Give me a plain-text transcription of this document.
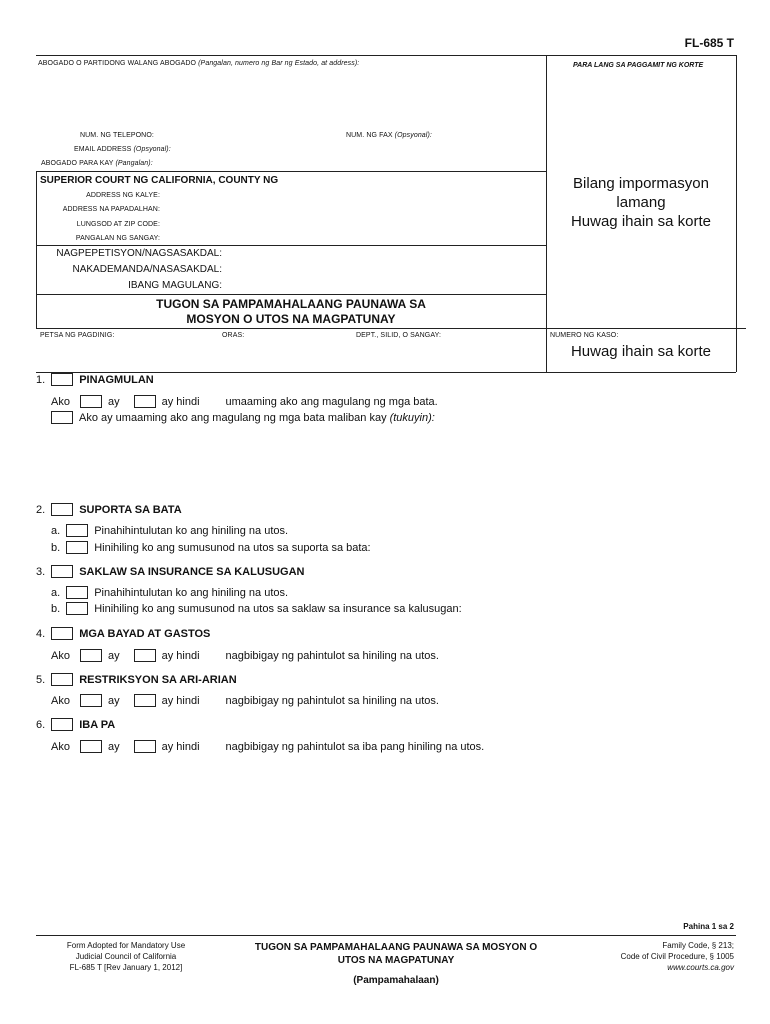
FL-685 T
ABOGADO O PARTIDONG WALANG ABOGADO (Pangalan, numero ng Bar ng Estado, at address):	PARA LANG SA PAGGAMIT NG KORTE
NUM. NG TELEPONO:	NUM. NG FAX (Opsyonal):
EMAIL ADDRESS (Opsyonal):
ABOGADO PARA KAY (Pangalan):
SUPERIOR COURT NG CALIFORNIA, COUNTY NG
ADDRESS NG KALYE:
ADDRESS NA PAPADALHAN:
LUNGSOD AT ZIP CODE:
PANGALAN NG SANGAY:
NAGPEPETISYON/NAGSASAKDAL:
NAKADEMANDA/NASASAKDAL:
IBANG MAGULANG:
TUGON SA PAMPAMAHALAANG PAUNAWA SA
MOSYON O UTOS NA MAGPATUNAY
PETSA NG PAGDINIG:	ORAS:	DEPT., SILID, O SANGAY:	NUMERO NG KASO:
Bilang impormasyon
lamang
Huwag ihain sa korte
Huwag ihain sa korte
1.	PINAGMULAN
Ako	ay	ay hindi umaaming ako ang magulang ng mga bata.
Ako ay umaaming ako ang magulang ng mga bata maliban kay (tukuyin):
2.	SUPORTA SA BATA
a.	Pinahihintulutan ko ang hiniling na utos.
b.	Hinihiling ko ang sumusunod na utos sa suporta sa bata:
3.	SAKLAW SA INSURANCE SA KALUSUGAN
a.	Pinahihintulutan ko ang hiniling na utos.
b.	Hinihiling ko ang sumusunod na utos sa saklaw sa insurance sa kalusugan:
4.	MGA BAYAD AT GASTOS
Ako	ay	ay hindi nagbibigay ng pahintulot sa hiniling na utos.
5.	RESTRIKSYON SA ARI-ARIAN
Ako	ay	ay hindi nagbibigay ng pahintulot sa hiniling na utos.
6.	IBA PA
Ako	ay	ay hindi nagbibigay ng pahintulot sa iba pang hiniling na utos.
Pahina 1 sa 2
Form Adopted for Mandatory Use
Judicial Council of California
FL-685 T [Rev January 1, 2012]
TUGON SA PAMPAMAHALAANG PAUNAWA SA MOSYON O
UTOS NA MAGPATUNAY
(Pampamahalaan)
Family Code, § 213;
Code of Civil Procedure, § 1005
www.courts.ca.gov
